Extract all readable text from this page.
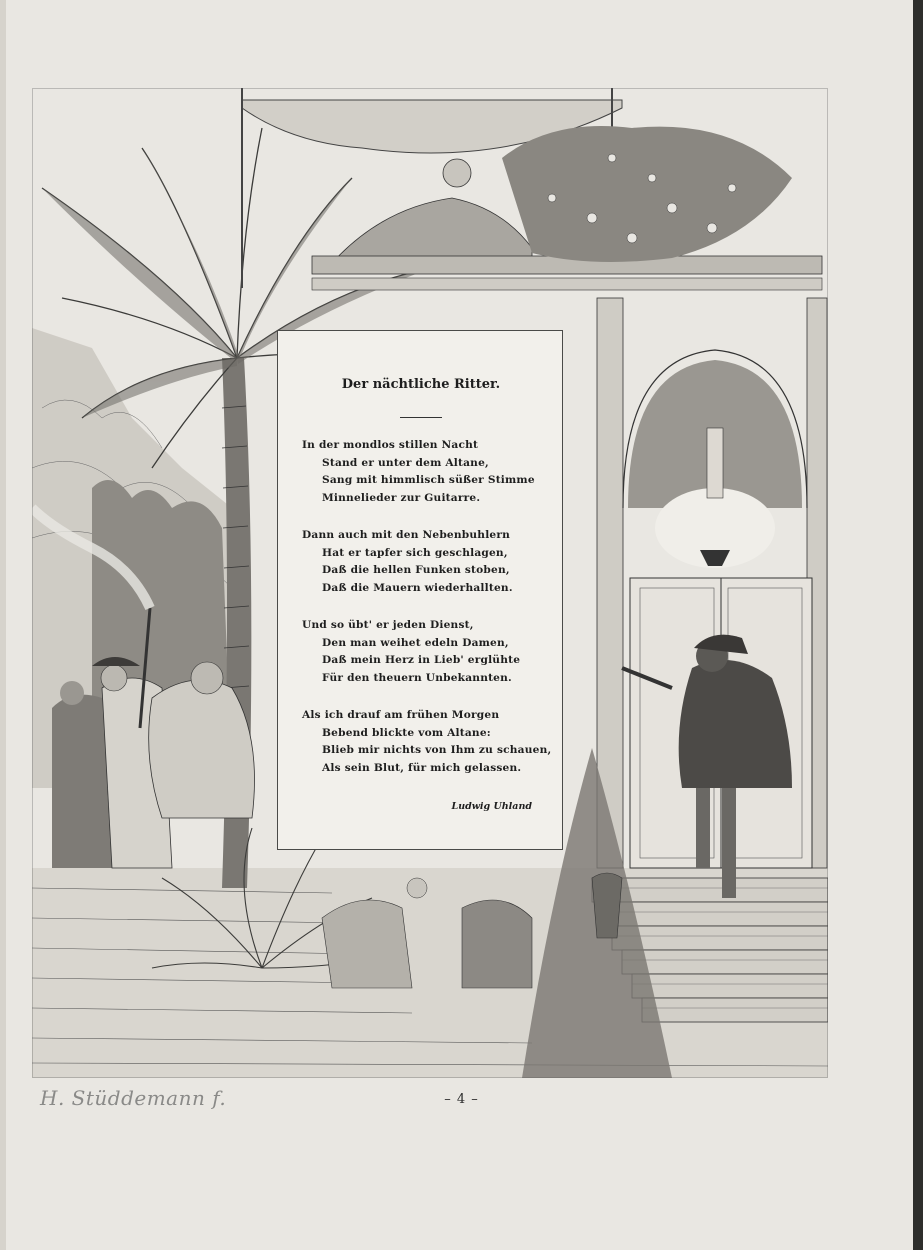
Der nächtliche Ritter.
In der mondlos stillen Nacht
Stand er unter dem Altane,
Sang mit himmlisch süßer Stimme
Minnelieder zur Guitarre.
Dann auch mit den Nebenbuhlern
Hat er tapfer sich geschlagen,
Daß die hellen Funken stoben,
Daß die Mauern wiederhallten.
Und so übt' er jeden Dienst,
Den man weihet edeln Damen,
Daß mein Herz in Lieb' erglühte
Für den theuern Unbekannten.
Als ich drauf am frühen Morgen
Bebend blickte vom Altane:
Blieb mir nichts von Ihm zu schauen,
Als sein Blut, für mich gelassen.
Ludwig Uhland
H. Stüddemann f.	– 4 –
